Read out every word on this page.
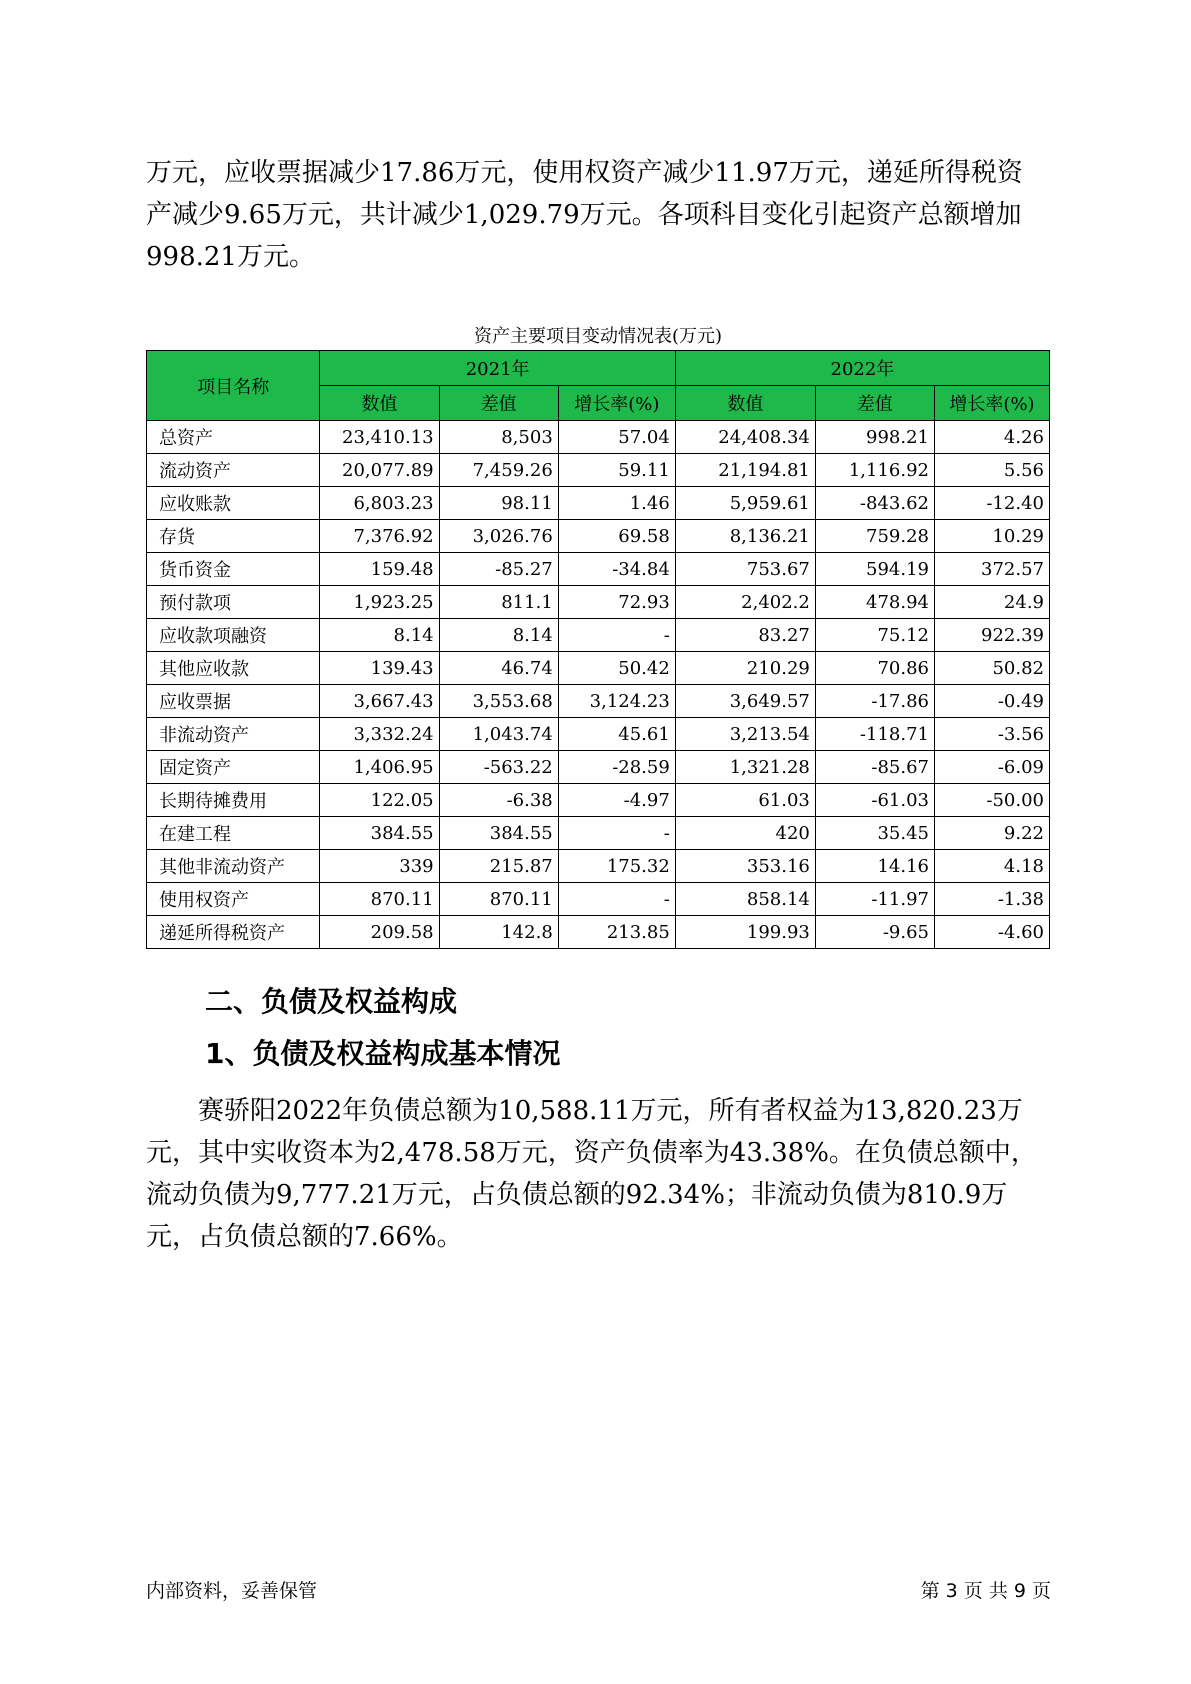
万元，应收票据减少17.86万元，使用权资产减少11.97万元，递延所得税资产减少9.65万元，共计减少1,029.79万元。各项科目变化引起资产总额增加998.21万元。

资产主要项目变动情况表(万元)
项目名称	2021年			2022年		
	数值	差值	增长率(%)	数值	差值	增长率(%)
总资产	23,410.13	8,503	57.04	24,408.34	998.21	4.26
流动资产	20,077.89	7,459.26	59.11	21,194.81	1,116.92	5.56
应收账款	6,803.23	98.11	1.46	5,959.61	-843.62	-12.40
存货	7,376.92	3,026.76	69.58	8,136.21	759.28	10.29
货币资金	159.48	-85.27	-34.84	753.67	594.19	372.57
预付款项	1,923.25	811.1	72.93	2,402.2	478.94	24.9
应收款项融资	8.14	8.14	-	83.27	75.12	922.39
其他应收款	139.43	46.74	50.42	210.29	70.86	50.82
应收票据	3,667.43	3,553.68	3,124.23	3,649.57	-17.86	-0.49
非流动资产	3,332.24	1,043.74	45.61	3,213.54	-118.71	-3.56
固定资产	1,406.95	-563.22	-28.59	1,321.28	-85.67	-6.09
长期待摊费用	122.05	-6.38	-4.97	61.03	-61.03	-50.00
在建工程	384.55	384.55	-	420	35.45	9.22
其他非流动资产	339	215.87	175.32	353.16	14.16	4.18
使用权资产	870.11	870.11	-	858.14	-11.97	-1.38
递延所得税资产	209.58	142.8	213.85	199.93	-9.65	-4.60
二、负债及权益构成
1、负债及权益构成基本情况

赛骄阳2022年负债总额为10,588.11万元，所有者权益为13,820.23万元，其中实收资本为2,478.58万元，资产负债率为43.38%。在负债总额中，流动负债为9,777.21万元，占负债总额的92.34%；非流动负债为810.9万元，占负债总额的7.66%。

内部资料，妥善保管	第 3 页 共 9 页
